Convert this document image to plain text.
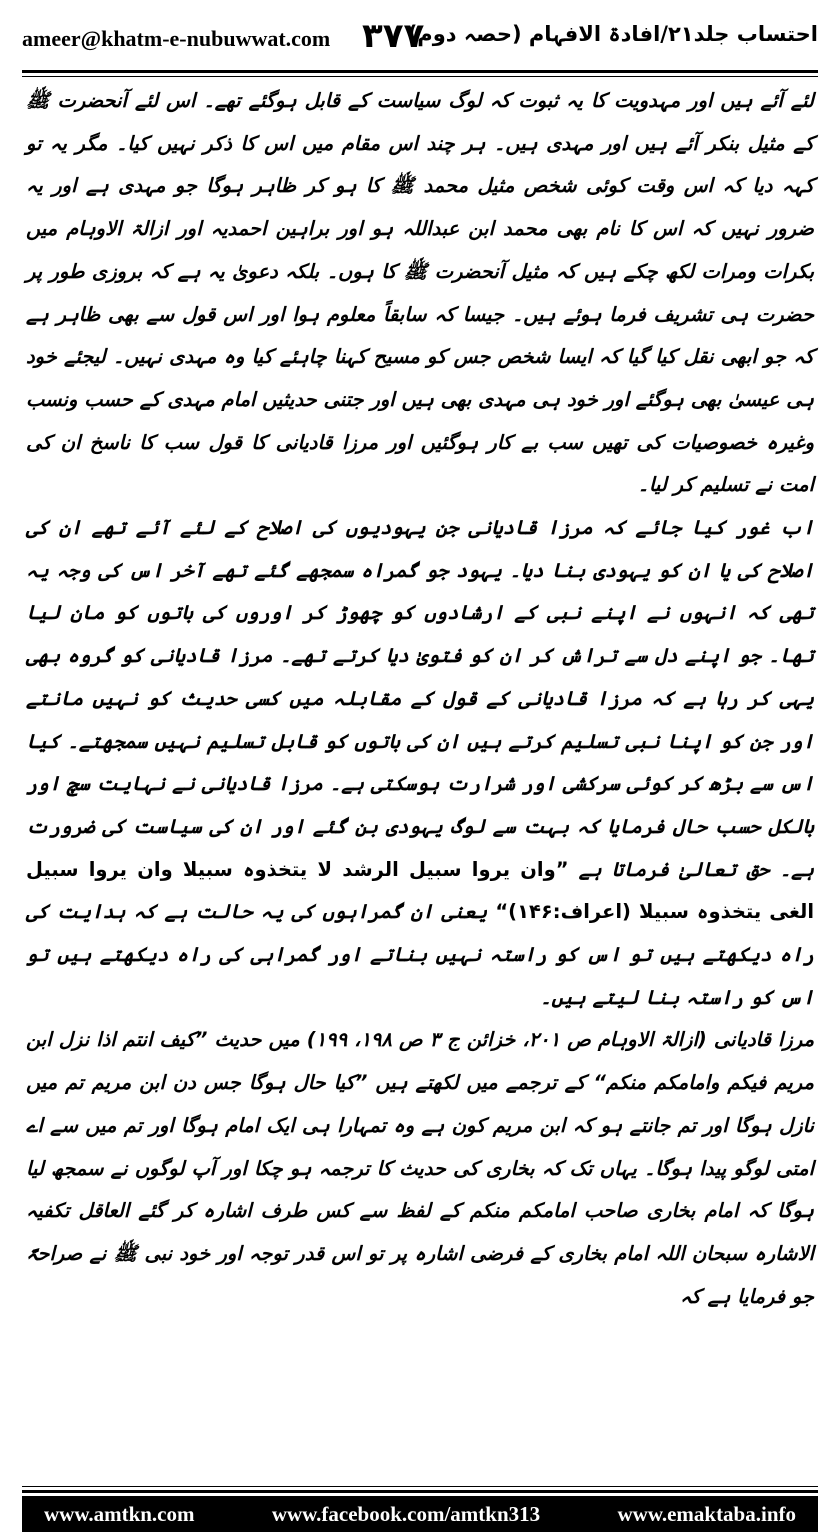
ameer@khatm-e-nubuwwat.com ۳۷۷
احتساب جلد۲۱/افادۃ الافہام (حصہ دوم)

لئے آئے ہیں اور مہدویت کا یہ ثبوت کہ لوگ سیاست کے قابل ہوگئے تھے۔ اس لئے آنحضرت ﷺ کے مثیل بنکر آئے ہیں اور مہدی ہیں۔ ہر چند اس مقام میں اس کا ذکر نہیں کیا۔ مگر یہ تو کہہ دیا کہ اس وقت کوئی شخص مثیل محمد ﷺ کا ہو کر ظاہر ہوگا جو مہدی ہے اور یہ ضرور نہیں کہ اس کا نام بھی محمد ابن عبداللہ ہو اور براہین احمدیہ اور ازالۃ الاوہام میں بکرات ومرات لکھ چکے ہیں کہ مثیل آنحضرت ﷺ کا ہوں۔ بلکہ دعویٰ یہ ہے کہ بروزی طور پر حضرت ہی تشریف فرما ہوئے ہیں۔ جیسا کہ سابقاً معلوم ہوا اور اس قول سے بھی ظاہر ہے کہ جو ابھی نقل کیا گیا کہ ایسا شخص جس کو مسیح کہنا چاہئے کیا وہ مہدی نہیں۔ لیجئے خود ہی عیسیٰ بھی ہوگئے اور خود ہی مہدی بھی ہیں اور جتنی حدیثیں امام مہدی کے حسب ونسب وغیرہ خصوصیات کی تھیں سب بے کار ہوگئیں اور مرزا قادیانی کا قول سب کا ناسخ ان کی امت نے تسلیم کر لیا۔

اب غور کیا جائے کہ مرزا قادیانی جن یہودیوں کی اصلاح کے لئے آئے تھے ان کی اصلاح کی یا ان کو یہودی بنا دیا۔ یہود جو گمراہ سمجھے گئے تھے آخر اس کی وجہ یہ تھی کہ انہوں نے اپنے نبی کے ارشادوں کو چھوڑ کر اوروں کی باتوں کو مان لیا تھا۔ جو اپنے دل سے تراش کر ان کو فتویٰ دیا کرتے تھے۔ مرزا قادیانی کو گروہ بھی یہی کر رہا ہے کہ مرزا قادیانی کے قول کے مقابلہ میں کسی حدیث کو نہیں مانتے اور جن کو اپنا نبی تسلیم کرتے ہیں ان کی باتوں کو قابل تسلیم نہیں سمجھتے۔ کیا اس سے بڑھ کر کوئی سرکشی اور شرارت ہوسکتی ہے۔ مرزا قادیانی نے نہایت سچ اور بالکل حسب حال فرمایا کہ بہت سے لوگ یہودی بن گئے اور ان کی سیاست کی ضرورت ہے۔ حق تعالیٰ فرماتا ہے ”وان یروا سبیل الرشد لا یتخذوہ سبیلا وان یروا سبیل الغی یتخذوہ سبیلا (اعراف:۱۴۶)“ یعنی ان گمراہوں کی یہ حالت ہے کہ ہدایت کی راہ دیکھتے ہیں تو اس کو راستہ نہیں بناتے اور گمراہی کی راہ دیکھتے ہیں تو اس کو راستہ بنا لیتے ہیں۔

مرزا قادیانی (ازالۃ الاوہام ص ۲۰۱، خزائن ج ۳ ص ۱۹۸، ۱۹۹) میں حدیث ”کیف انتم اذا نزل ابن مریم فیکم وامامکم منکم“ کے ترجمے میں لکھتے ہیں ”کیا حال ہوگا جس دن ابن مریم تم میں نازل ہوگا اور تم جانتے ہو کہ ابن مریم کون ہے وہ تمہارا ہی ایک امام ہوگا اور تم میں سے اے امتی لوگو پیدا ہوگا۔ یہاں تک کہ بخاری کی حدیث کا ترجمہ ہو چکا اور آپ لوگوں نے سمجھ لیا ہوگا کہ امام بخاری صاحب امامکم منکم کے لفظ سے کس طرف اشارہ کر گئے العاقل تکفیہ الاشارہ سبحان اللہ امام بخاری کے فرضی اشارہ پر تو اس قدر توجہ اور خود نبی ﷺ نے صراحۃً جو فرمایا ہے کہ

www.amtkn.com	www.facebook.com/amtkn313	www.emaktaba.info
